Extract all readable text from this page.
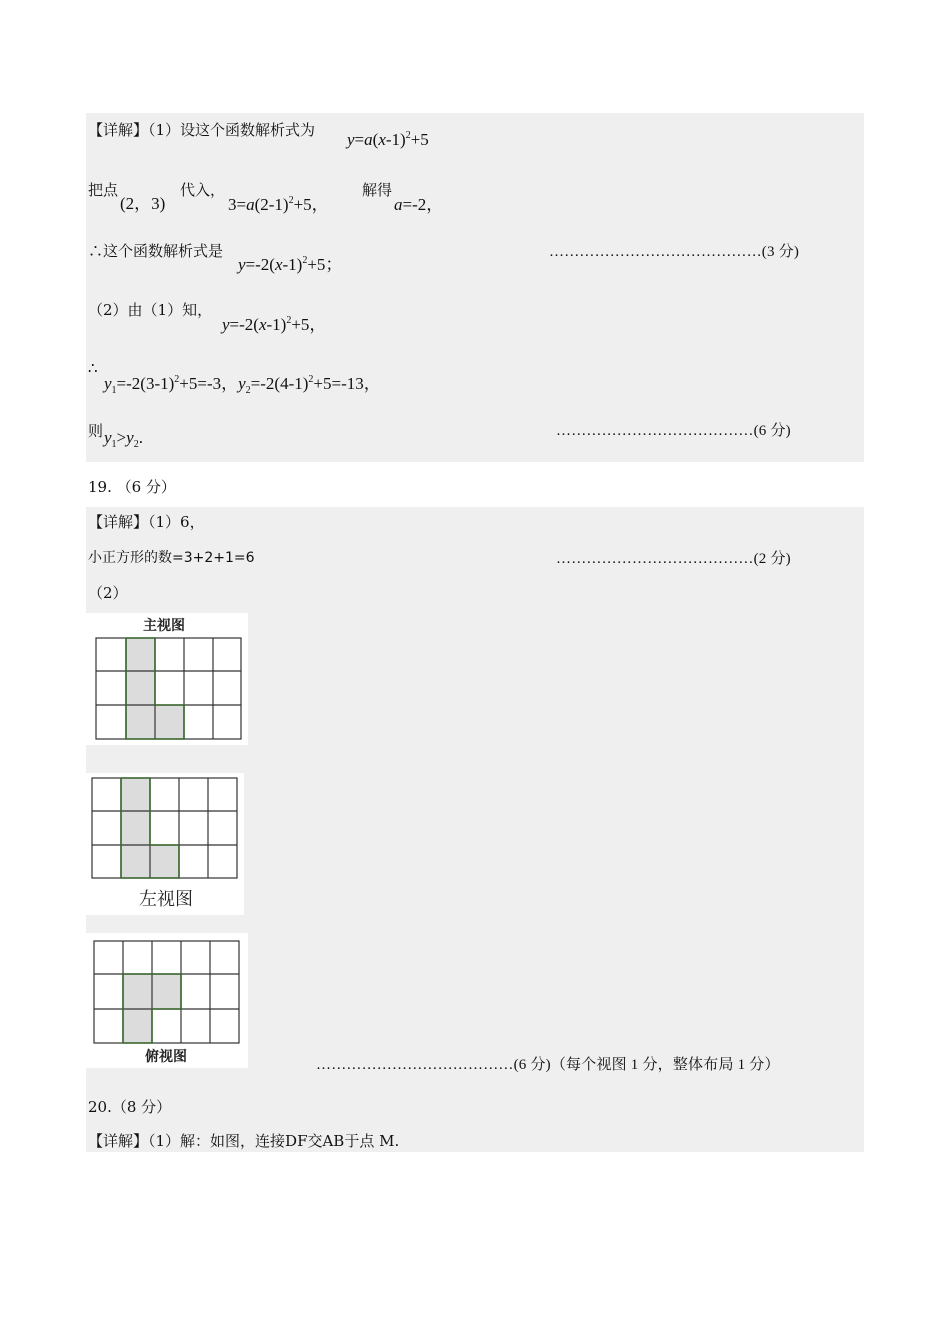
【详解】（1）设这个函数解析式为 $y=a(x-1)^2+5$
把点
(2，3)
代入，
$3=a(2-1)^2+5$，
解得
a=-2，
∴这个函数解析式是
$y=-2(x-1)^2+5$；
……………………………………(3 分)
（2）由（1）知，
$y=-2(x-1)^2+5$，
∴
$y_1=-2(3-1)^2+5=-3$，$y_2=-2(4-1)^2+5=-13$，
则 $y_1>y_2$.	…………………………………(6 分)
19. （6 分）
【详解】（1）6，
小正方形的数=3+2+1=6	…………………………………(2 分)
（2）
主视图
左视图
俯视图	…………………………………(6 分)（每个视图 1 分，整体布局 1 分）
20.（8 分）
【详解】（1）解：如图，连接DF交AB于点 M.
